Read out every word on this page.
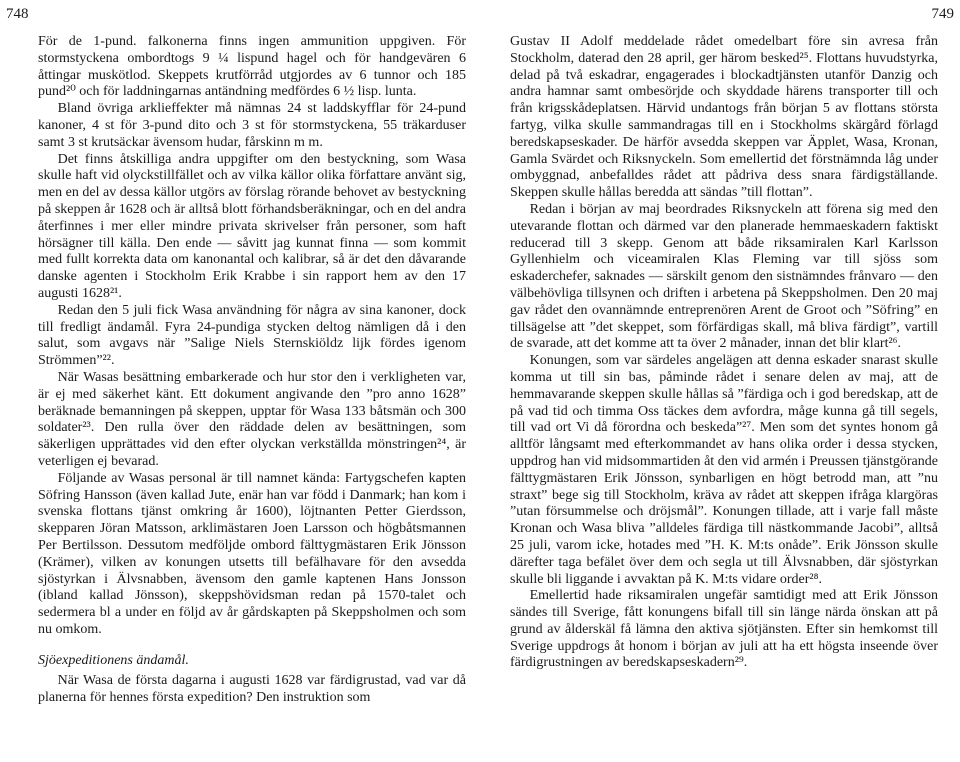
748

För de 1-pund. falkonerna finns ingen ammunition uppgiven. För stormstyckena ombordtogs 9 ¼ lispund hagel och för handgevären 6 åttingar muskötlod. Skeppets krutförråd utgjordes av 6 tunnor och 185 pund²⁰ och för laddningarnas antändning medfördes 6 ½ lisp. lunta.

Bland övriga arklieffekter må nämnas 24 st laddskyfflar för 24-pund kanoner, 4 st för 3-pund dito och 3 st för stormstyckena, 55 träkarduser samt 3 st krutsäckar ävensom hudar, fårskinn m m.

Det finns åtskilliga andra uppgifter om den bestyckning, som Wasa skulle haft vid olyckstillfället och av vilka källor olika författare använt sig, men en del av dessa källor utgörs av förslag rörande behovet av bestyckning på skeppen år 1628 och är alltså blott förhandsberäkningar, och en del andra återfinnes i mer eller mindre privata skrivelser från personer, som haft hörsägner till källa. Den ende — såvitt jag kunnat finna — som kommit med fullt korrekta data om kanonantal och kalibrar, så är det den dåvarande danske agenten i Stockholm Erik Krabbe i sin rapport hem av den 17 augusti 1628²¹.

Redan den 5 juli fick Wasa användning för några av sina kanoner, dock till fredligt ändamål. Fyra 24-pundiga stycken deltog nämligen då i den salut, som avgavs när ”Salige Niels Sternskiöldz lijk fördes igenom Strömmen”²².

När Wasas besättning embarkerade och hur stor den i verkligheten var, är ej med säkerhet känt. Ett dokument angivande den ”pro anno 1628” beräknade bemanningen på skeppen, upptar för Wasa 133 båtsmän och 300 soldater²³. Den rulla över den räddade delen av besättningen, som säkerligen upprättades vid den efter olyckan verkställda mönstringen²⁴, är veterligen ej bevarad.

Följande av Wasas personal är till namnet kända: Fartygschefen kapten Söfring Hansson (även kallad Jute, enär han var född i Danmark; han kom i svenska flottans tjänst omkring år 1600), löjtnanten Petter Gierdsson, skepparen Jöran Matsson, arklimästaren Joen Larsson och högbåtsmannen Per Bertilsson. Dessutom medföljde ombord fälttygmästaren Erik Jönsson (Krämer), vilken av konungen utsetts till befälhavare för den avsedda sjöstyrkan i Älvsnabben, ävensom den gamle kaptenen Hans Jonsson (ibland kallad Jönsson), skeppshövidsman redan på 1570-talet och sedermera bl a under en följd av år gårdskapten på Skeppsholmen och som nu omkom.

Sjöexpeditionens ändamål.

När Wasa de första dagarna i augusti 1628 var färdigrustad, vad var då planerna för hennes första expedition? Den instruktion som

749

Gustav II Adolf meddelade rådet omedelbart före sin avresa från Stockholm, daterad den 28 april, ger härom besked²⁵. Flottans huvudstyrka, delad på två eskadrar, engagerades i blockadtjänsten utanför Danzig och andra hamnar samt ombesörjde och skyddade härens transporter till och från krigsskådeplatsen. Härvid undantogs från början 5 av flottans största fartyg, vilka skulle sammandragas till en i Stockholms skärgård förlagd beredskapseskader. De härför avsedda skeppen var Äpplet, Wasa, Kronan, Gamla Svärdet och Riksnyckeln. Som emellertid det förstnämnda låg under ombyggnad, anbefalldes rådet att pådriva dess snara färdigställande. Skeppen skulle hållas beredda att sändas ”till flottan”.

Redan i början av maj beordrades Riksnyckeln att förena sig med den utevarande flottan och därmed var den planerade hemmaeskadern faktiskt reducerad till 3 skepp. Genom att både riksamiralen Karl Karlsson Gyllenhielm och viceamiralen Klas Fleming var till sjöss som eskaderchefer, saknades — särskilt genom den sistnämndes frånvaro — den välbehövliga tillsynen och driften i arbetena på Skeppsholmen. Den 20 maj gav rådet den ovannämnde entreprenören Arent de Groot och ”Söfring” en tillsägelse att ”det skeppet, som förfärdigas skall, må bliva färdigt”, vartill de svarade, att det komme att ta över 2 månader, innan det blir klart²⁶.

Konungen, som var särdeles angelägen att denna eskader snarast skulle komma ut till sin bas, påminde rådet i senare delen av maj, att de hemmavarande skeppen skulle hållas så ”färdiga och i god beredskap, att de på vad tid och timma Oss täckes dem avfordra, måge kunna gå till segels, till vad ort Vi då förordna och beskeda”²⁷. Men som det syntes honom gå alltför långsamt med efterkommandet av hans olika order i dessa stycken, uppdrog han vid midsommartiden åt den vid armén i Preussen tjänstgörande fälttygmästaren Erik Jönsson, synbarligen en högt betrodd man, att ”nu straxt” bege sig till Stockholm, kräva av rådet att skeppen ifråga klargöras ”utan försummelse och dröjsmål”. Konungen tillade, att i varje fall måste Kronan och Wasa bliva ”alldeles färdiga till nästkommande Jacobi”, alltså 25 juli, varom icke, hotades med ”H. K. M:ts onåde”. Erik Jönsson skulle därefter taga befälet över dem och segla ut till Älvsnabben, där sjöstyrkan skulle bli liggande i avvaktan på K. M:ts vidare order²⁸.

Emellertid hade riksamiralen ungefär samtidigt med att Erik Jönsson sändes till Sverige, fått konungens bifall till sin länge närda önskan att på grund av ålderskäl få lämna den aktiva sjötjänsten. Efter sin hemkomst till Sverige uppdrogs åt honom i början av juli att ha ett högsta inseende över färdigrustningen av beredskapseskadern²⁹.
